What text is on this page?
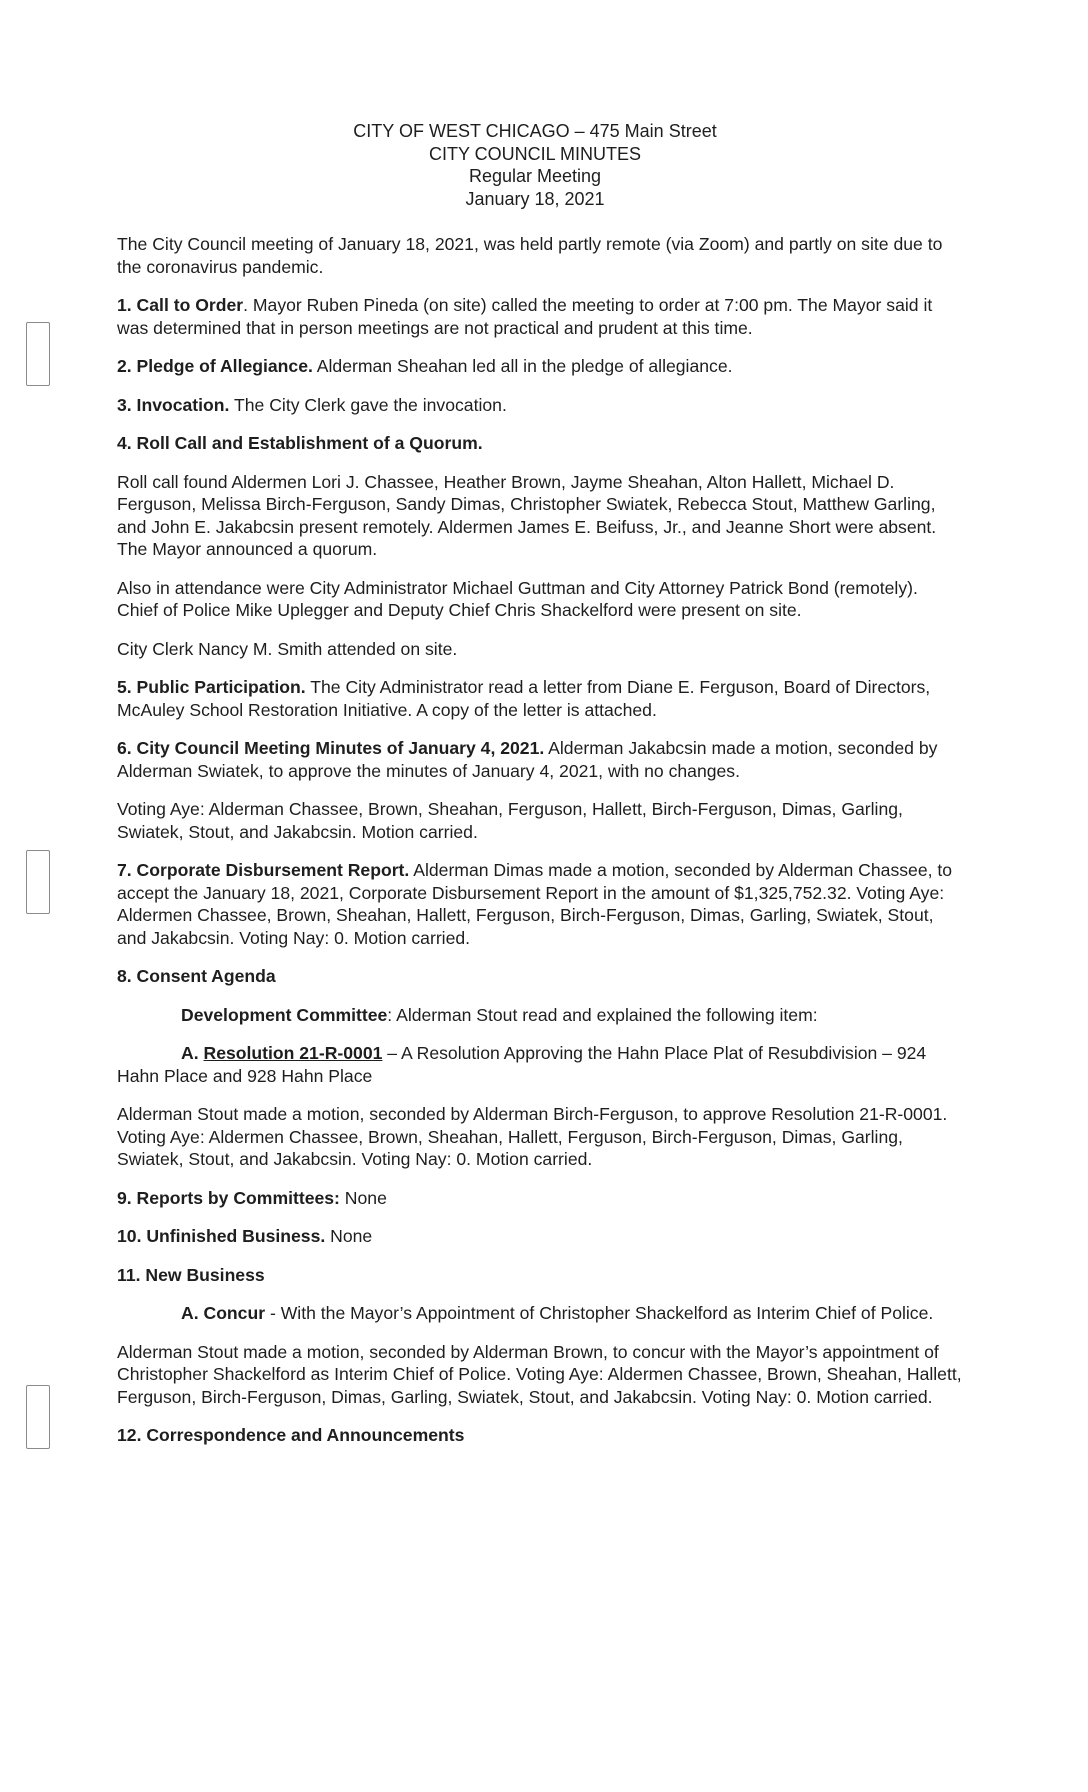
CITY OF WEST CHICAGO – 475 Main Street
CITY COUNCIL MINUTES
Regular Meeting
January 18, 2021

The City Council meeting of January 18, 2021, was held partly remote (via Zoom) and partly on site due to the coronavirus pandemic.

1. Call to Order. Mayor Ruben Pineda (on site) called the meeting to order at 7:00 pm. The Mayor said it was determined that in person meetings are not practical and prudent at this time.

2. Pledge of Allegiance. Alderman Sheahan led all in the pledge of allegiance.

3. Invocation. The City Clerk gave the invocation.

4. Roll Call and Establishment of a Quorum.

Roll call found Aldermen Lori J. Chassee, Heather Brown, Jayme Sheahan, Alton Hallett, Michael D. Ferguson, Melissa Birch-Ferguson, Sandy Dimas, Christopher Swiatek, Rebecca Stout, Matthew Garling, and John E. Jakabcsin present remotely. Aldermen James E. Beifuss, Jr., and Jeanne Short were absent. The Mayor announced a quorum.

Also in attendance were City Administrator Michael Guttman and City Attorney Patrick Bond (remotely). Chief of Police Mike Uplegger and Deputy Chief Chris Shackelford were present on site.

City Clerk Nancy M. Smith attended on site.

5. Public Participation. The City Administrator read a letter from Diane E. Ferguson, Board of Directors, McAuley School Restoration Initiative. A copy of the letter is attached.

6. City Council Meeting Minutes of January 4, 2021. Alderman Jakabcsin made a motion, seconded by Alderman Swiatek, to approve the minutes of January 4, 2021, with no changes.

Voting Aye: Alderman Chassee, Brown, Sheahan, Ferguson, Hallett, Birch-Ferguson, Dimas, Garling, Swiatek, Stout, and Jakabcsin. Motion carried.

7. Corporate Disbursement Report. Alderman Dimas made a motion, seconded by Alderman Chassee, to accept the January 18, 2021, Corporate Disbursement Report in the amount of $1,325,752.32. Voting Aye: Aldermen Chassee, Brown, Sheahan, Hallett, Ferguson, Birch-Ferguson, Dimas, Garling, Swiatek, Stout, and Jakabcsin. Voting Nay: 0. Motion carried.

8. Consent Agenda

Development Committee: Alderman Stout read and explained the following item:

A. Resolution 21-R-0001 – A Resolution Approving the Hahn Place Plat of Resubdivision – 924 Hahn Place and 928 Hahn Place

Alderman Stout made a motion, seconded by Alderman Birch-Ferguson, to approve Resolution 21-R-0001. Voting Aye: Aldermen Chassee, Brown, Sheahan, Hallett, Ferguson, Birch-Ferguson, Dimas, Garling, Swiatek, Stout, and Jakabcsin. Voting Nay: 0. Motion carried.

9. Reports by Committees: None

10. Unfinished Business. None

11. New Business

A. Concur - With the Mayor’s Appointment of Christopher Shackelford as Interim Chief of Police.

Alderman Stout made a motion, seconded by Alderman Brown, to concur with the Mayor’s appointment of Christopher Shackelford as Interim Chief of Police. Voting Aye: Aldermen Chassee, Brown, Sheahan, Hallett, Ferguson, Birch-Ferguson, Dimas, Garling, Swiatek, Stout, and Jakabcsin. Voting Nay: 0. Motion carried.

12. Correspondence and Announcements
